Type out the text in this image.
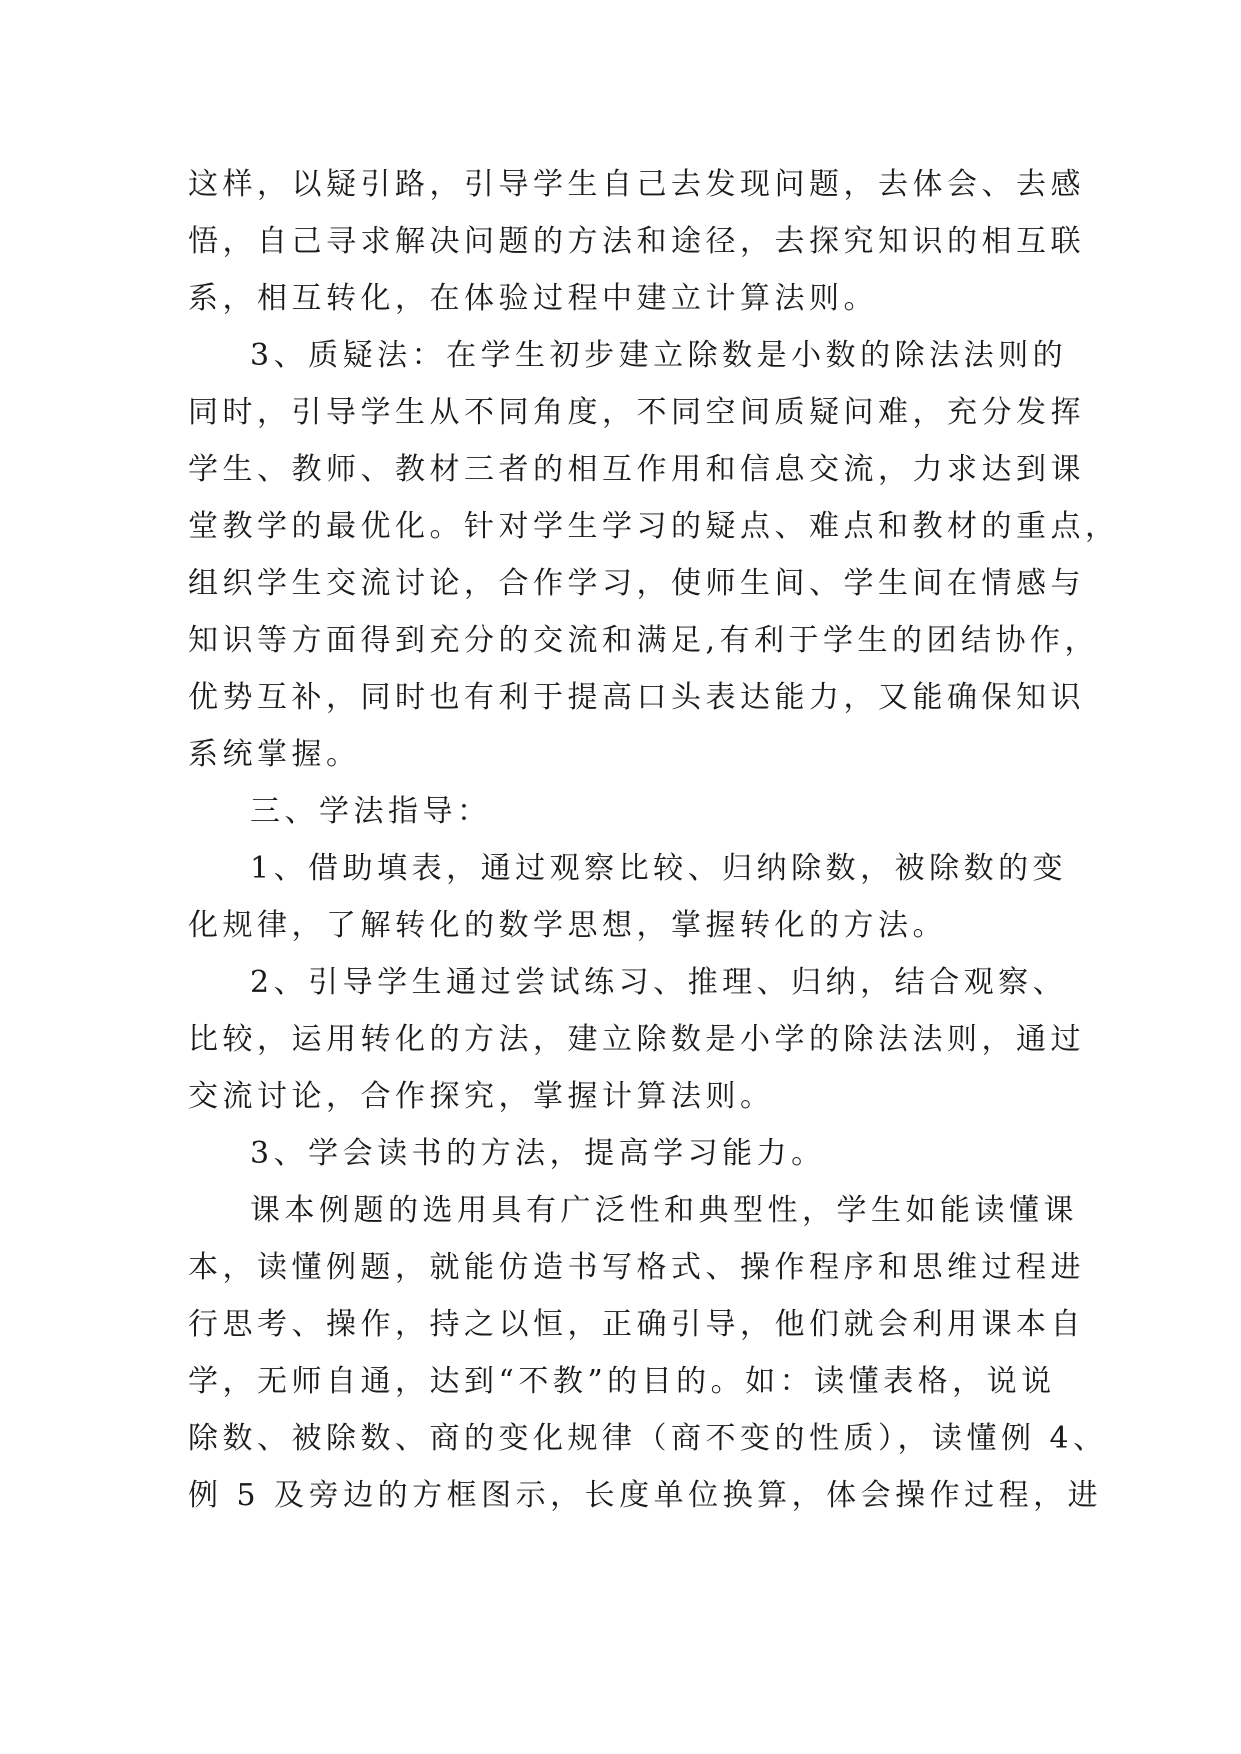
这样，以疑引路，引导学生自己去发现问题，去体会、去感
悟，自己寻求解决问题的方法和途径，去探究知识的相互联
系，相互转化，在体验过程中建立计算法则。
3、质疑法：在学生初步建立除数是小数的除法法则的
同时，引导学生从不同角度，不同空间质疑问难，充分发挥
学生、教师、教材三者的相互作用和信息交流，力求达到课
堂教学的最优化。针对学生学习的疑点、难点和教材的重点，
组织学生交流讨论，合作学习，使师生间、学生间在情感与
知识等方面得到充分的交流和满足,有利于学生的团结协作，
优势互补，同时也有利于提高口头表达能力，又能确保知识
系统掌握。
三、学法指导：
1、借助填表，通过观察比较、归纳除数，被除数的变
化规律，了解转化的数学思想，掌握转化的方法。
2、引导学生通过尝试练习、推理、归纳，结合观察、
比较，运用转化的方法，建立除数是小学的除法法则，通过
交流讨论，合作探究，掌握计算法则。
3、学会读书的方法，提高学习能力。
课本例题的选用具有广泛性和典型性，学生如能读懂课
本，读懂例题，就能仿造书写格式、操作程序和思维过程进
行思考、操作，持之以恒，正确引导，他们就会利用课本自
学，无师自通，达到“不教”的目的。如：读懂表格，说说
除数、被除数、商的变化规律（商不变的性质），读懂例 4、
例 5 及旁边的方框图示，长度单位换算，体会操作过程，进
